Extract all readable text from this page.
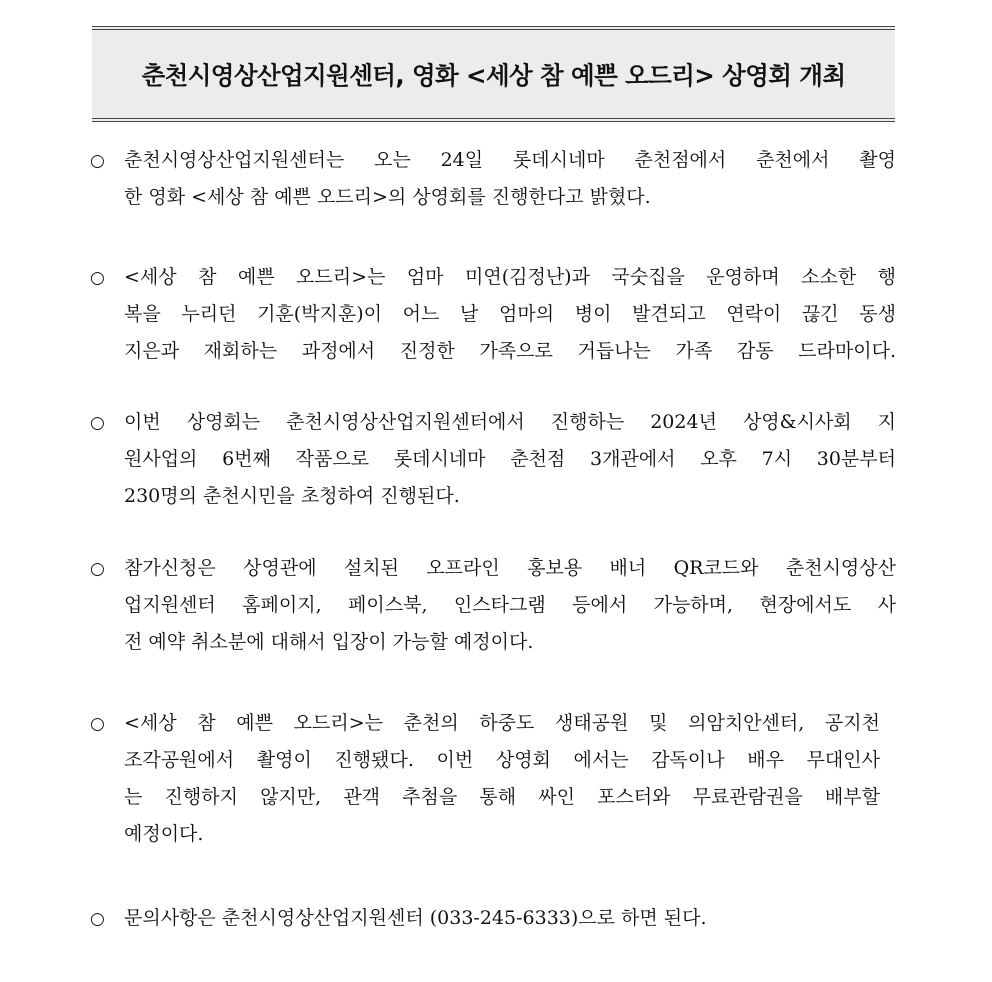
춘천시영상산업지원센터, 영화 <세상 참 예쁜 오드리> 상영회 개최
○ 춘천시영상산업지원센터는 오는 24일 롯데시네마 춘천점에서 춘천에서 촬영
한 영화 <세상 참 예쁜 오드리>의 상영회를 진행한다고 밝혔다.
○ <세상 참 예쁜 오드리>는 엄마 미연(김정난)과 국숫집을 운영하며 소소한 행
복을 누리던 기훈(박지훈)이 어느 날 엄마의 병이 발견되고 연락이 끊긴 동생
지은과 재회하는 과정에서 진정한 가족으로 거듭나는 가족 감동 드라마이다.
○ 이번 상영회는 춘천시영상산업지원센터에서 진행하는 2024년 상영&시사회 지
원사업의 6번째 작품으로 롯데시네마 춘천점 3개관에서 오후 7시 30분부터
230명의 춘천시민을 초청하여 진행된다.
○ 참가신청은 상영관에 설치된 오프라인 홍보용 배너 QR코드와 춘천시영상산
업지원센터 홈페이지, 페이스북, 인스타그램 등에서 가능하며, 현장에서도 사
전 예약 취소분에 대해서 입장이 가능할 예정이다.
○ <세상 참 예쁜 오드리>는 춘천의 하중도 생태공원 및 의암치안센터, 공지천
조각공원에서 촬영이 진행됐다. 이번 상영회 에서는 감독이나 배우 무대인사
는 진행하지 않지만, 관객 추첨을 통해 싸인 포스터와 무료관람권을 배부할
예정이다.
○ 문의사항은 춘천시영상산업지원센터 (033-245-6333)으로 하면 된다.
